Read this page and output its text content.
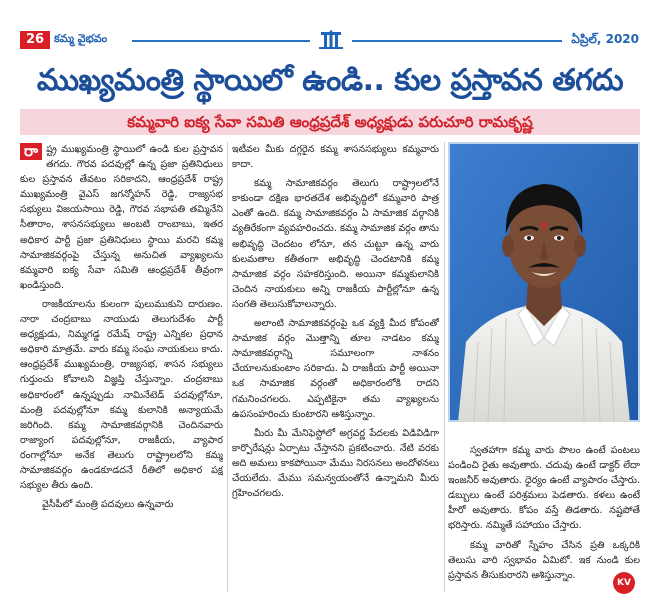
26 కమ్మ వైభవం	ఏప్రిల్, 2020
ముఖ్యమంత్రి స్థాయిలో ఉండి.. కుల ప్రస్తావన తగదు
కమ్మవారి ఐక్య సేవా సమితి ఆంధ్రప్రదేశ్ అధ్యక్షుడు పరుచూరి రామకృష్ణ

రా ష్ట్ర ముఖ్యమంత్రి స్థాయిలో ఉండి కుల ప్రస్తావన తగదు. గౌరవ పదవుల్లో ఉన్న ప్రజా ప్రతినిధులు కుల ప్రస్తావన తేవటం సరికాదని, ఆంధ్రప్రదేశ్ రాష్ట్ర ముఖ్యమంత్రి వైఎస్ జగన్మోహన్ రెడ్డి, రాజ్యసభ సభ్యులు విజయసాయి రెడ్డి, గౌరవ సభాపతి తమ్మినేని సీతారాం, శాసనసభ్యులు అంబటి రాంబాబు, ఇతర అధికార పార్టీ ప్రజా ప్రతినిధులు స్థాయి మరచి కమ్మ సామాజికవర్గంపై చేస్తున్న అనుచిత వ్యాఖ్యలను కమ్మవారి ఐక్య సేవా సమితి ఆంధ్రప్రదేశ్ తీవ్రంగా ఖండిస్తుంది.

రాజకీయాలను కులంగా పులుముకుని దారుణం. నారా చంద్రబాబు నాయుడు తెలుగుదేశం పార్టీ అధ్యక్షుడు, నిమ్మగడ్డ రమేష్ రాష్ట్ర ఎన్నికల ప్రధాన అధికారి మాత్రమే. వారు కమ్మ సంఘ నాయకులు కాదు. ఆంధ్రప్రదేశ్ ముఖ్యమంత్రి, రాజ్యసభ, శాసన సభ్యులు గుర్తుంచు కోవాలని విజ్ఞప్తి చేస్తున్నాం. చంద్రబాబు అధికారంలో ఉన్నప్పుడు నామినేటెడ్ పదవుల్లోనూ, మంత్రి పదవుల్లోనూ కమ్మ కులానికి అన్యాయమే జరిగింది. కమ్మ సామాజికవర్గానికి చెందినవారు రాజ్యాంగ పదవుల్లోనూ, రాజకీయ, వ్యాపార రంగాల్లోనూ అనేక తెలుగు రాష్ట్రాలలోని కమ్మ సామాజికవర్గం ఉండకూడదనే రీతిలో అధికార పక్ష సభ్యుల తీరు ఉంది.

వైసీపీలో మంత్రి పదవులు ఉన్నవారు

ఇటీవల మీకు దగ్గరైన కమ్మ శాసనసభ్యులు కమ్మవారు కాదా.

కమ్మ సామాజికవర్గం తెలుగు రాష్ట్రాలలోనే కాకుండా దక్షిణ భారతదేశ అభివృద్ధిలో కమ్మవారి పాత్ర ఎంతో ఉంది. కమ్మ సామాజికవర్గం ఏ సామాజిక వర్గానికి వ్యతిరేకంగా వ్యవహరించదు. కమ్మ సామాజిక వర్గం తాను అభివృద్ధి చెందటం లోనూ, తన చుట్టూ ఉన్న వారు కులమతాల కతీతంగా అభివృద్ధి చెందటానికి కమ్మ సామాజిక వర్గం సహకరిస్తుంది. అయినా కమ్మకులానికి చెందిన నాయకులు అన్ని రాజకీయ పార్టీల్లోనూ ఉన్న సంగతి తెలుసుకోవాలన్నారు.

అలాంటి సామాజికవర్గంపై ఒక వ్యక్తి మీద కోపంతో సామాజిక వర్గం మొత్తాన్ని తూల నాడటం కమ్మ సామాజికవర్గాన్ని సమూలంగా నాశనం చేయాలనుకుంటాం సరికాదు. ఏ రాజకీయ పార్టీ అయినా ఒక సామాజిక వర్గంతో అధికారంలోకి రాదని గమనించగలరు. ఎప్పటికైనా తమ వ్యాఖ్యలను ఉపసంహరించు కుంటారని ఆశిస్తున్నాం.

మీరు మీ మేనిఫెస్టోలో అగ్రవర్ణ పేదలకు విడివిడిగా కార్పొరేషన్లు ఏర్పాటు చేస్తానని ప్రకటించారు. నేటి వరకు అది అమలు కాకపోయినా మేము నిరసనలు అందోళనలు చేయలేదు. మేము సమన్వయంతోనే ఉన్నామని మీరు గ్రహించగలరు.

స్వతహాగా కమ్మ వారు పొలం ఉంటే పంటలు పండించి రైతు అవుతారు. చదువు ఉంటే డాక్టర్ లేదా ఇంజనీర్ అవుతారు. ధైర్యం ఉంటే వ్యాపారం చేస్తారు. డబ్బులు ఉంటే పరిశ్రమలు పెడతారు. కళలు ఉంటే హీరో అవుతారు. కోపం వస్తే తిడతారు. నష్టపోతే భరిస్తారు. నమ్మితే సహాయం చేస్తారు.

కమ్మ వారితో స్నేహం చేసిన ప్రతి ఒక్కరికి తెలుసు వారి స్వభావం ఏమిటో. ఇక నుండి కుల ప్రస్తావన తీసుకురారని ఆశిస్తున్నాం.

KV
